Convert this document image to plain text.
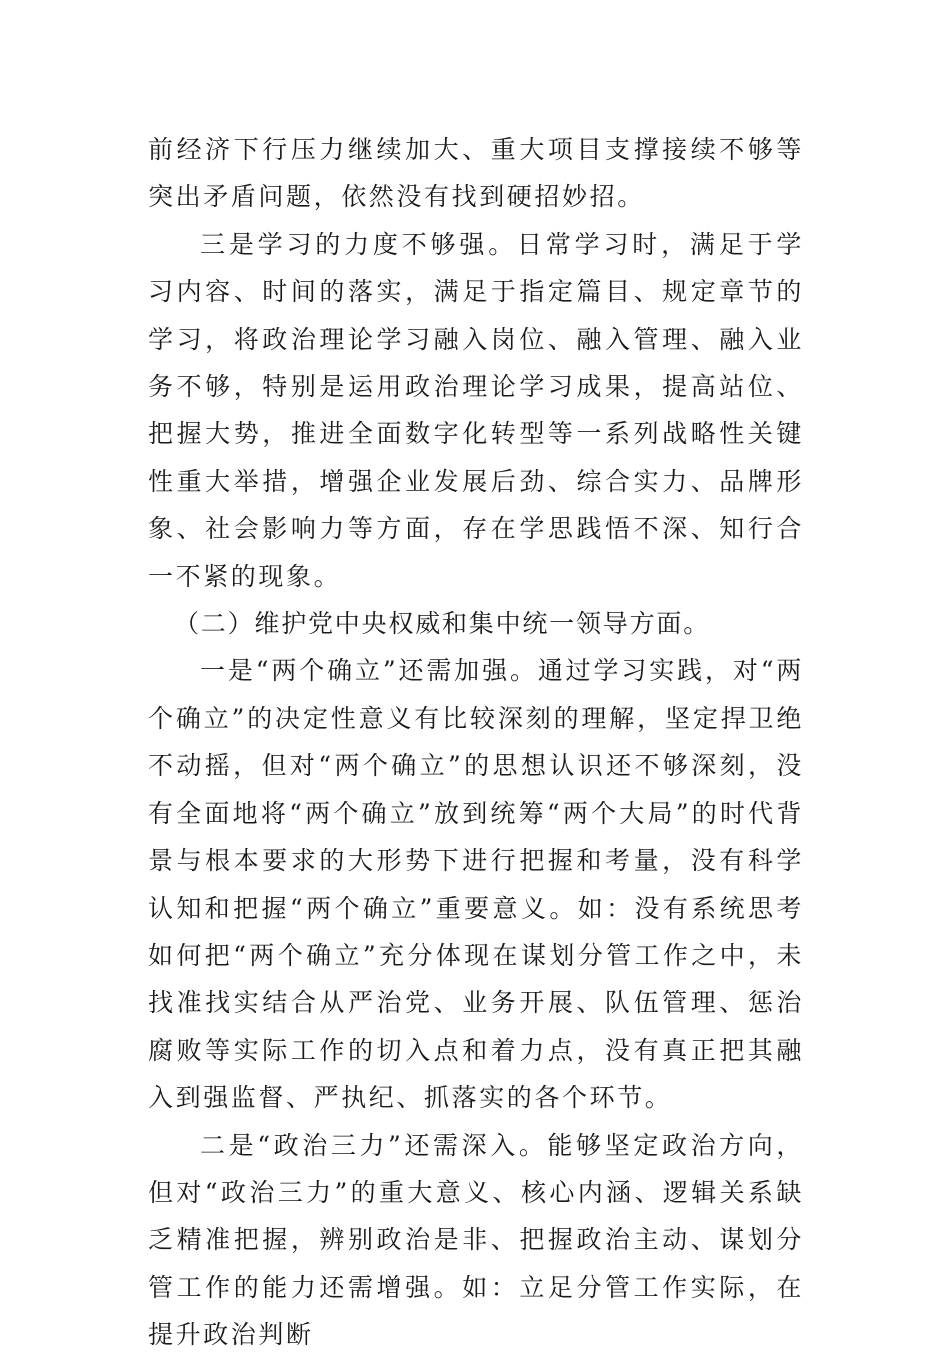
前经济下行压力继续加大、重大项目支撑接续不够等突出矛盾问题，依然没有找到硬招妙招。

三是学习的力度不够强。日常学习时，满足于学习内容、时间的落实，满足于指定篇目、规定章节的学习，将政治理论学习融入岗位、融入管理、融入业务不够，特别是运用政治理论学习成果，提高站位、把握大势，推进全面数字化转型等一系列战略性关键性重大举措，增强企业发展后劲、综合实力、品牌形象、社会影响力等方面，存在学思践悟不深、知行合一不紧的现象。

（二）维护党中央权威和集中统一领导方面。

一是“两个确立”还需加强。通过学习实践，对“两个确立”的决定性意义有比较深刻的理解，坚定捍卫绝不动摇，但对“两个确立”的思想认识还不够深刻，没有全面地将“两个确立”放到统筹“两个大局”的时代背景与根本要求的大形势下进行把握和考量，没有科学认知和把握“两个确立”重要意义。如：没有系统思考如何把“两个确立”充分体现在谋划分管工作之中，未找准找实结合从严治党、业务开展、队伍管理、惩治腐败等实际工作的切入点和着力点，没有真正把其融入到强监督、严执纪、抓落实的各个环节。

二是“政治三力”还需深入。能够坚定政治方向，但对“政治三力”的重大意义、核心内涵、逻辑关系缺乏精准把握，辨别政治是非、把握政治主动、谋划分管工作的能力还需增强。如：立足分管工作实际，在提升政治判断
